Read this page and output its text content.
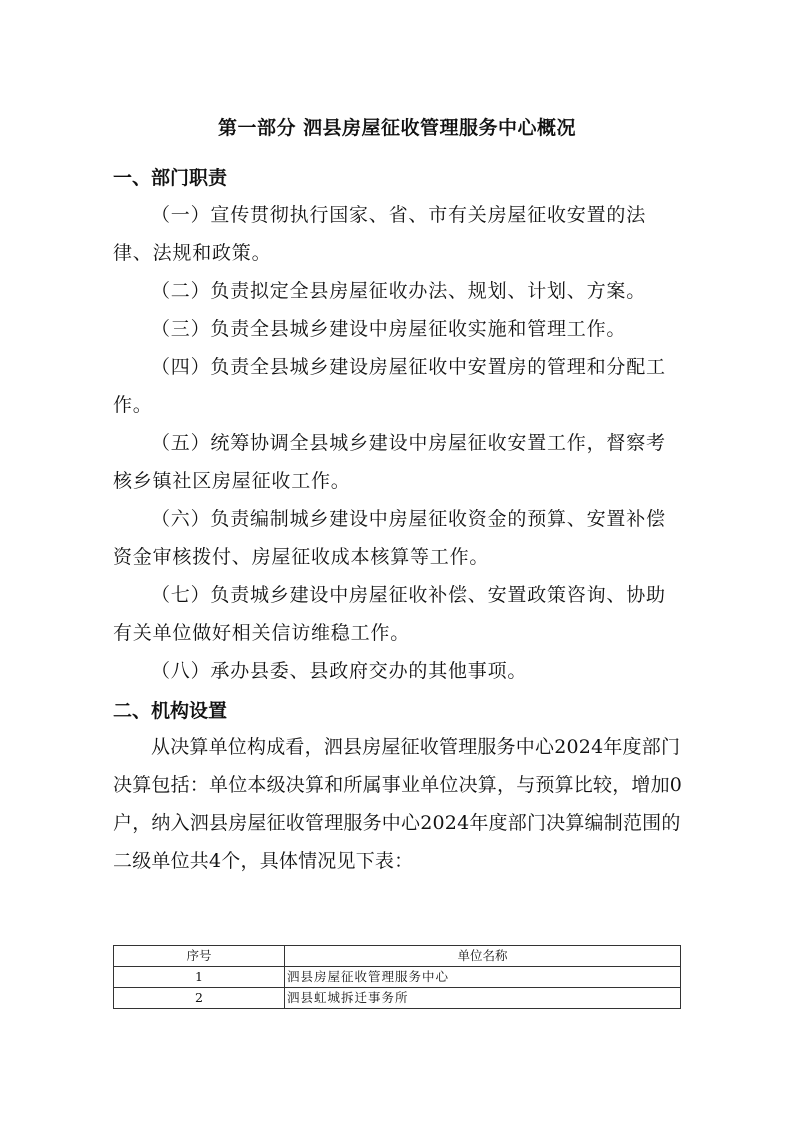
第一部分 泗县房屋征收管理服务中心概况
一、部门职责

（一）宣传贯彻执行国家、省、市有关房屋征收安置的法律、法规和政策。

（二）负责拟定全县房屋征收办法、规划、计划、方案。

（三）负责全县城乡建设中房屋征收实施和管理工作。

（四）负责全县城乡建设房屋征收中安置房的管理和分配工作。

（五）统筹协调全县城乡建设中房屋征收安置工作，督察考核乡镇社区房屋征收工作。

（六）负责编制城乡建设中房屋征收资金的预算、安置补偿资金审核拨付、房屋征收成本核算等工作。

（七）负责城乡建设中房屋征收补偿、安置政策咨询、协助有关单位做好相关信访维稳工作。

（八）承办县委、县政府交办的其他事项。

二、机构设置

从决算单位构成看，泗县房屋征收管理服务中心2024年度部门决算包括：单位本级决算和所属事业单位决算，与预算比较，增加0户，纳入泗县房屋征收管理服务中心2024年度部门决算编制范围的二级单位共4个，具体情况见下表：

序号	单位名称
1	泗县房屋征收管理服务中心
2	泗县虹城拆迁事务所
